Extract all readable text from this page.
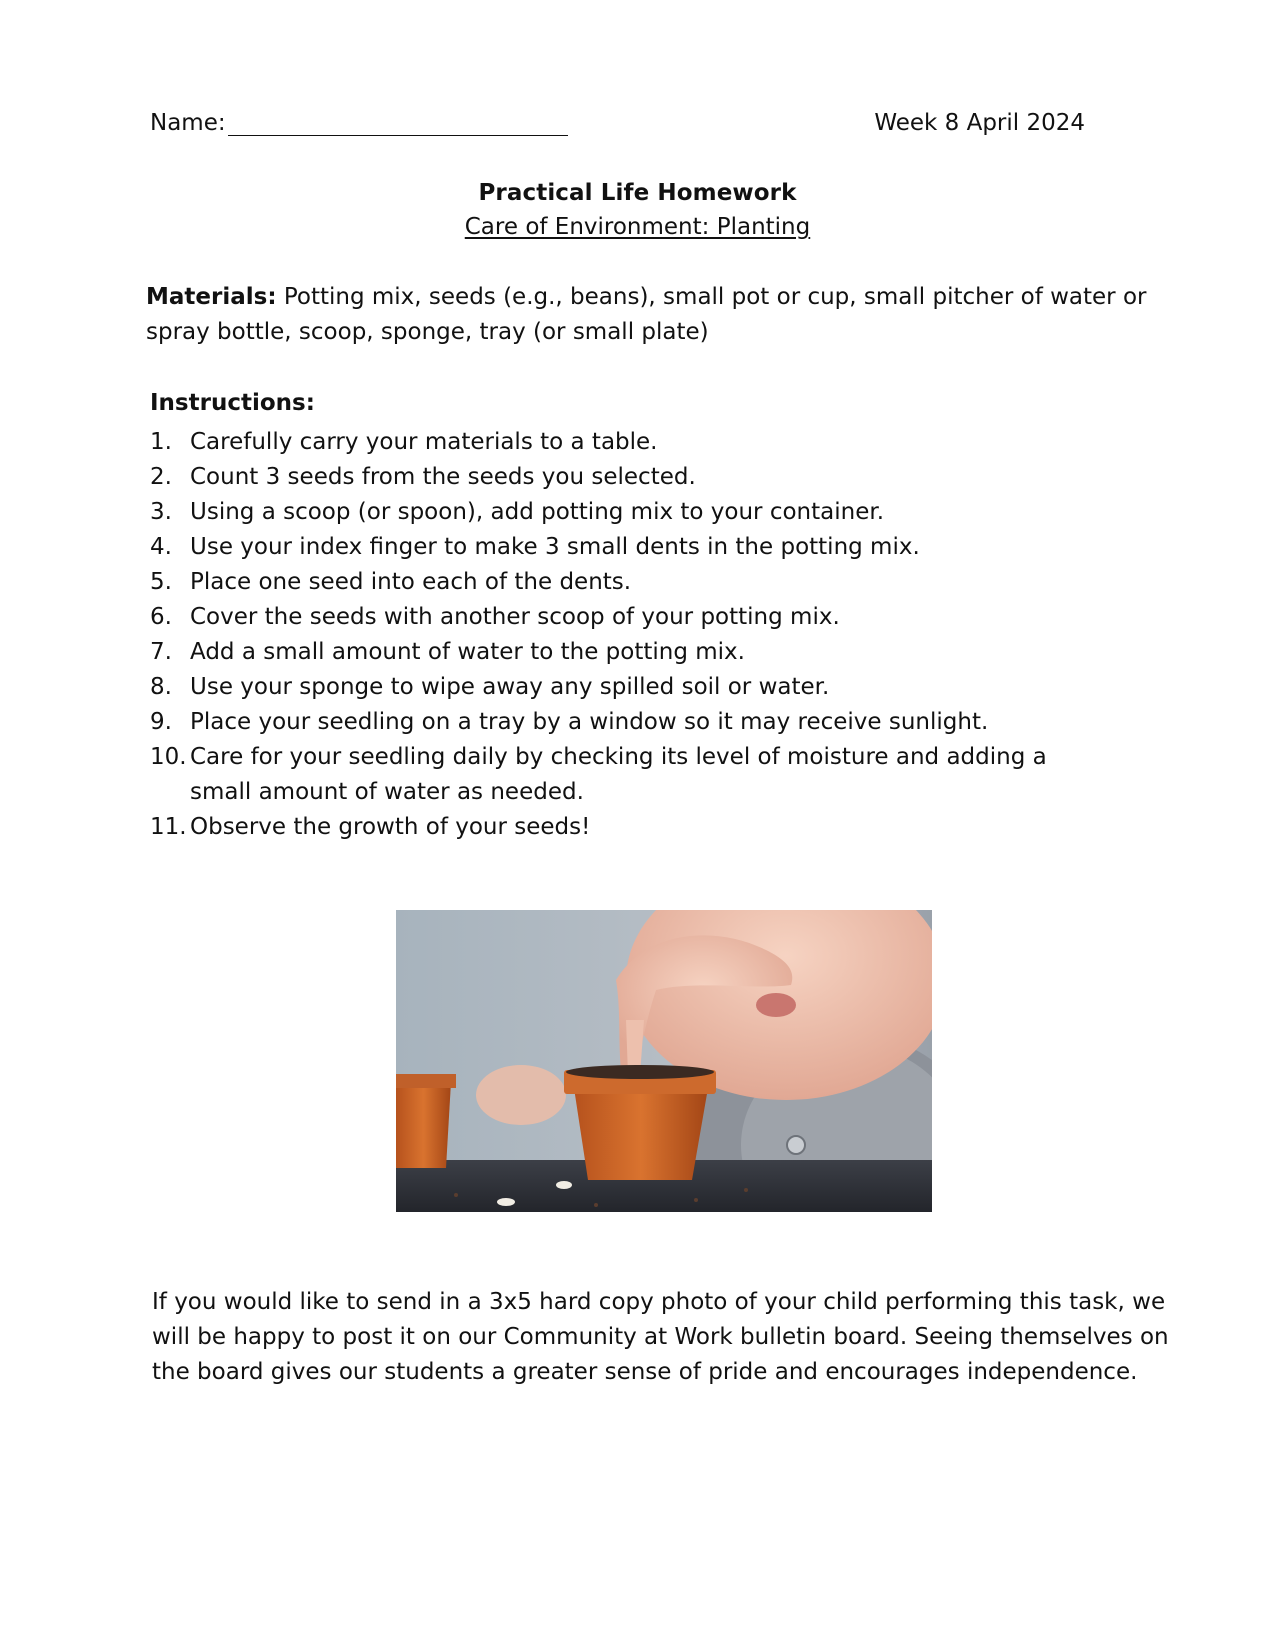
Name:	Week 8 April 2024
Practical Life Homework
Care of Environment: Planting
Materials: Potting mix, seeds (e.g., beans), small pot or cup, small pitcher of water or spray bottle, scoop, sponge, tray (or small plate)
Instructions:
1. Carefully carry your materials to a table.
2. Count 3 seeds from the seeds you selected.
3. Using a scoop (or spoon), add potting mix to your container.
4. Use your index finger to make 3 small dents in the potting mix.
5. Place one seed into each of the dents.
6. Cover the seeds with another scoop of your potting mix.
7. Add a small amount of water to the potting mix.
8. Use your sponge to wipe away any spilled soil or water.
9. Place your seedling on a tray by a window so it may receive sunlight.
10. Care for your seedling daily by checking its level of moisture and adding a small amount of water as needed.
11. Observe the growth of your seeds!
If you would like to send in a 3x5 hard copy photo of your child performing this task, we will be happy to post it on our Community at Work bulletin board. Seeing themselves on the board gives our students a greater sense of pride and encourages independence.
